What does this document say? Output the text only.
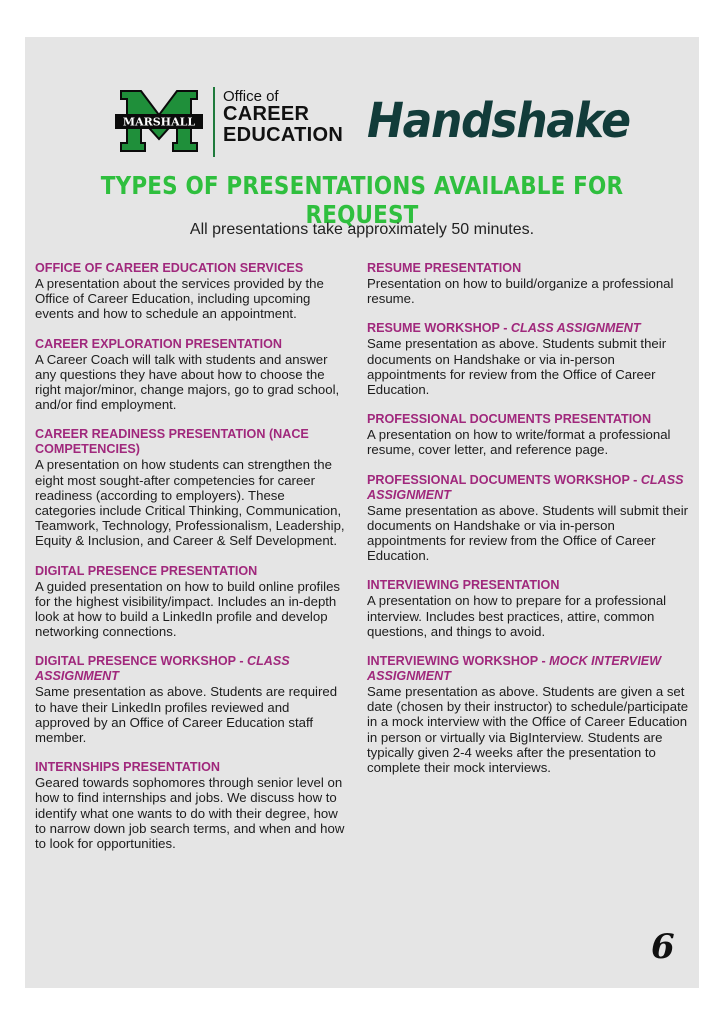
MARSHALL
Office of
CAREER
EDUCATION Handshake
TYPES OF PRESENTATIONS AVAILABLE FOR REQUEST
All presentations take approximately 50 minutes.
OFFICE OF CAREER EDUCATION SERVICES
A presentation about the services provided by the Office of Career Education, including upcoming events and how to schedule an appointment.
CAREER EXPLORATION PRESENTATION
A Career Coach will talk with students and answer any questions they have about how to choose the right major/minor, change majors, go to grad school, and/or find employment.
CAREER READINESS PRESENTATION (NACE COMPETENCIES)
A presentation on how students can strengthen the eight most sought-after competencies for career readiness (according to employers). These categories include Critical Thinking, Communication, Teamwork, Technology, Professionalism, Leadership, Equity & Inclusion, and Career & Self Development.
DIGITAL PRESENCE PRESENTATION
A guided presentation on how to build online profiles for the highest visibility/impact. Includes an in-depth look at how to build a LinkedIn profile and develop networking connections.
DIGITAL PRESENCE WORKSHOP - CLASS ASSIGNMENT
Same presentation as above. Students are required to have their LinkedIn profiles reviewed and approved by an Office of Career Education staff member.
INTERNSHIPS PRESENTATION
Geared towards sophomores through senior level on how to find internships and jobs. We discuss how to identify what one wants to do with their degree, how to narrow down job search terms, and when and how to look for opportunities.
RESUME PRESENTATION
Presentation on how to build/organize a professional resume.
RESUME WORKSHOP - CLASS ASSIGNMENT
Same presentation as above. Students submit their documents on Handshake or via in-person appointments for review from the Office of Career Education.
PROFESSIONAL DOCUMENTS PRESENTATION
A presentation on how to write/format a professional resume, cover letter, and reference page.
PROFESSIONAL DOCUMENTS WORKSHOP - CLASS ASSIGNMENT
Same presentation as above. Students will submit their documents on Handshake or via in-person appointments for review from the Office of Career Education.
INTERVIEWING PRESENTATION
A presentation on how to prepare for a professional interview. Includes best practices, attire, common questions, and things to avoid.
INTERVIEWING WORKSHOP - MOCK INTERVIEW ASSIGNMENT
Same presentation as above. Students are given a set date (chosen by their instructor) to schedule/participate in a mock interview with the Office of Career Education in person or virtually via BigInterview. Students are typically given 2-4 weeks after the presentation to complete their mock interviews.
6
